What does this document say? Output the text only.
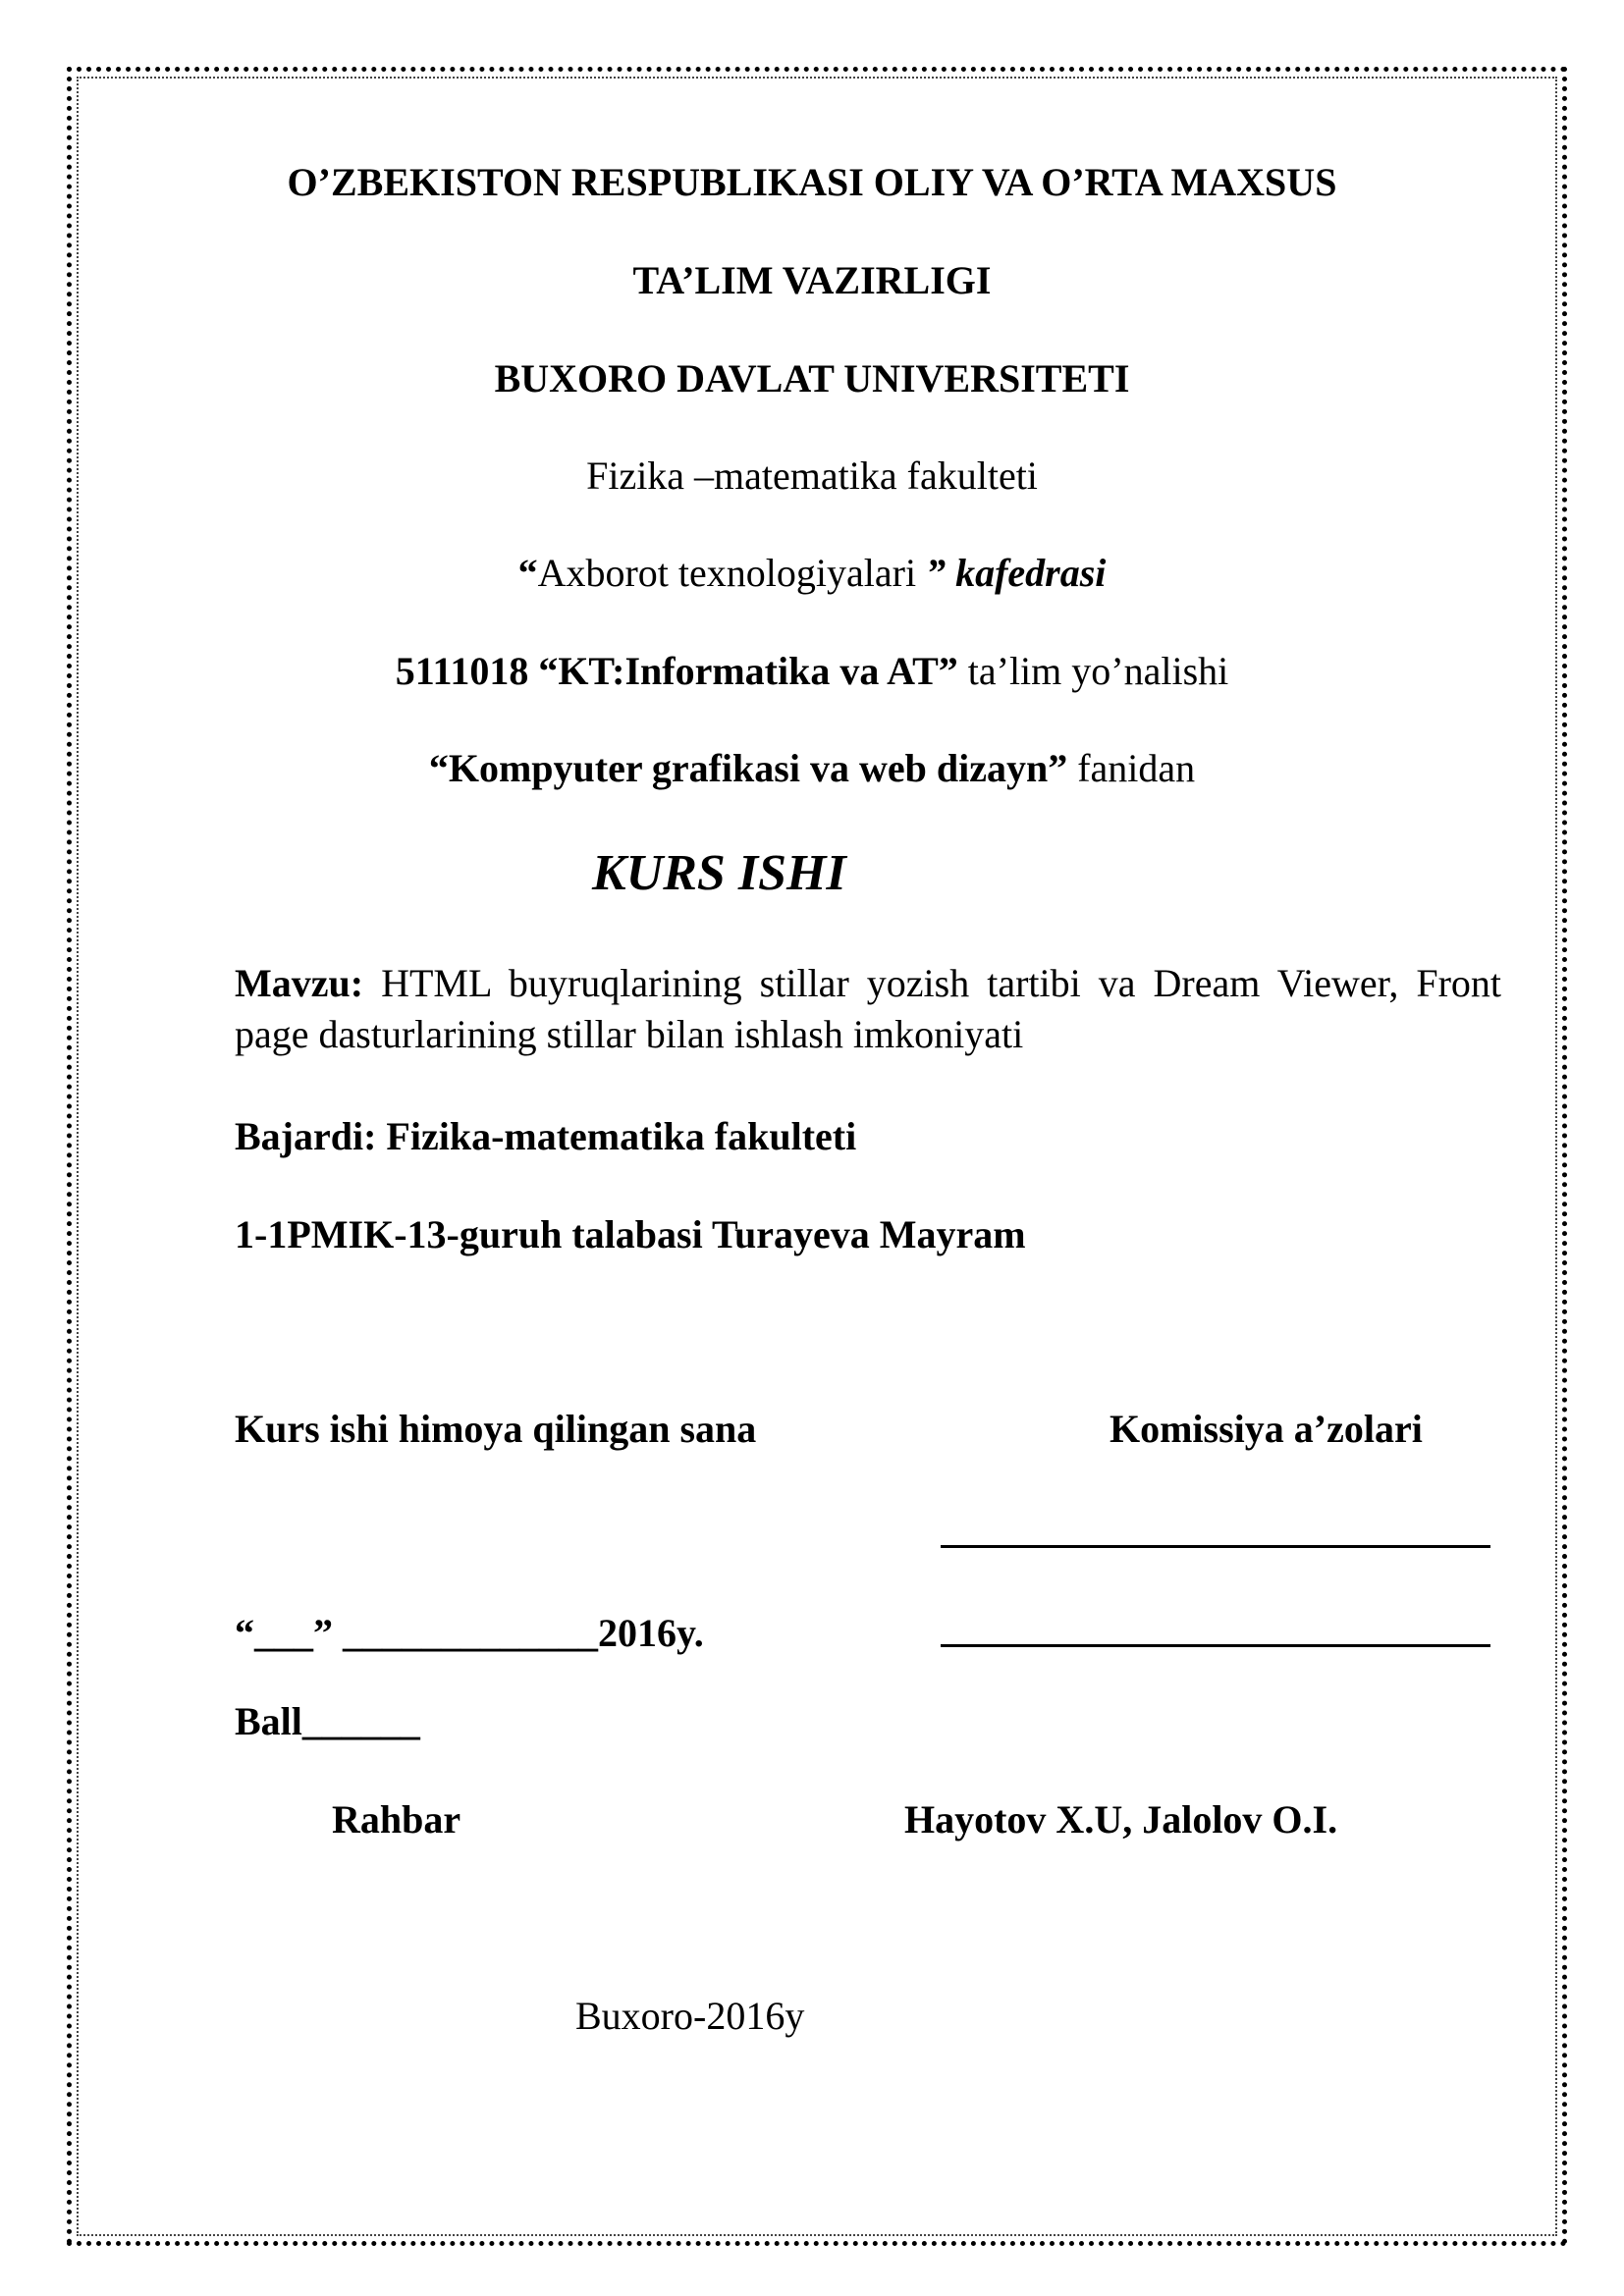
O’ZBEKISTON RESPUBLIKASI OLIY VA O’RTA MAXSUS
TA’LIM VAZIRLIGI
BUXORO DAVLAT UNIVERSITETI
Fizika –matematika fakulteti
“Axborot texnologiyalari ” kafedrasi
5111018 “KT:Informatika va AT” ta’lim yo’nalishi
“Kompyuter grafikasi va web dizayn” fanidan
KURS ISHI
Mavzu: HTML buyruqlarining stillar yozish tartibi va Dream Viewer, Front page dasturlarining stillar bilan ishlash imkoniyati
Bajardi: Fizika-matematika fakulteti
1-1PMIK-13-guruh talabasi Turayeva Mayram
Kurs ishi himoya qilingan sana	Komissiya a’zolari
“___” _____________2016y.
Ball______
Rahbar	Hayotov X.U, Jalolov O.I.
Buxoro-2016y
